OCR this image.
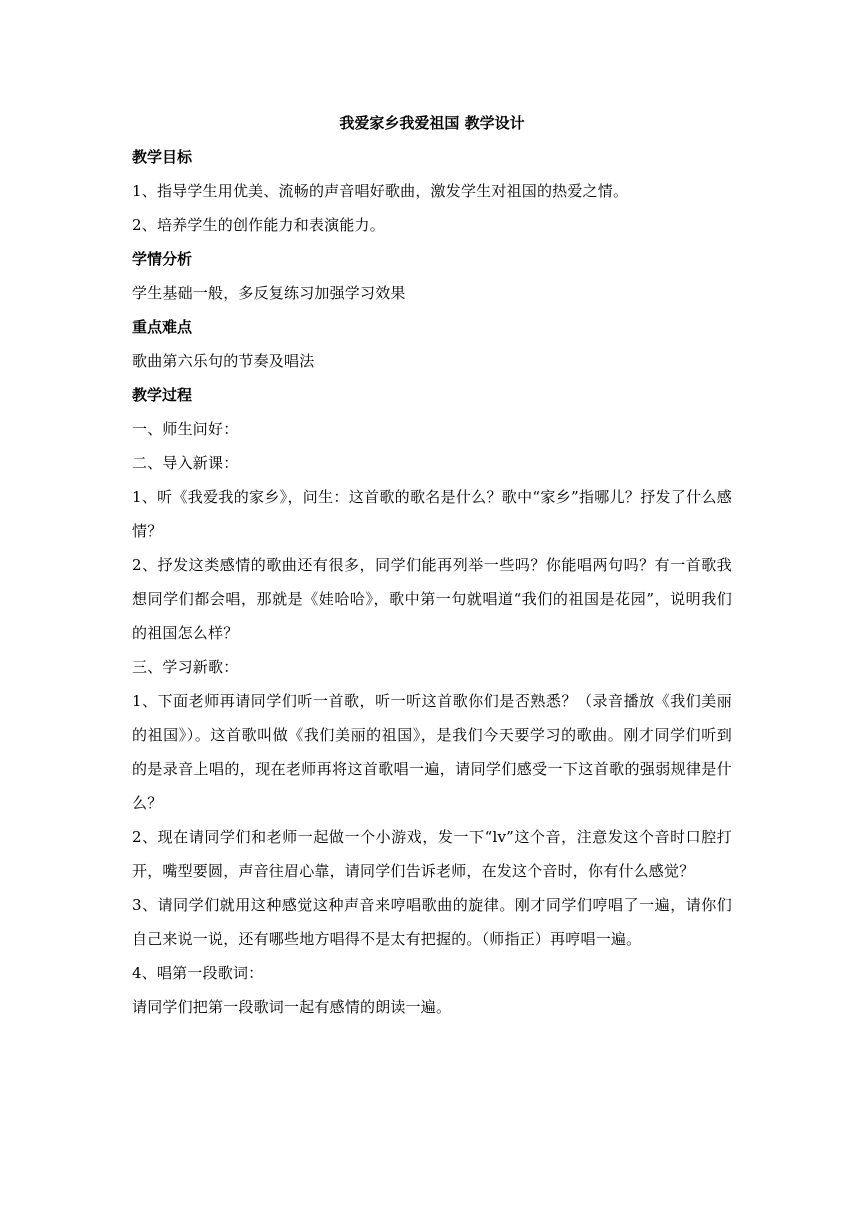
我爱家乡我爱祖国 教学设计

教学目标

1、指导学生用优美、流畅的声音唱好歌曲，激发学生对祖国的热爱之情。

2、培养学生的创作能力和表演能力。

学情分析

学生基础一般，多反复练习加强学习效果

重点难点

歌曲第六乐句的节奏及唱法

教学过程

一、师生问好：

二、导入新课：

1、听《我爱我的家乡》，问生：这首歌的歌名是什么？歌中“家乡”指哪儿？抒发了什么感情？

2、抒发这类感情的歌曲还有很多，同学们能再列举一些吗？你能唱两句吗？有一首歌我想同学们都会唱，那就是《娃哈哈》，歌中第一句就唱道“我们的祖国是花园”，说明我们的祖国怎么样？

三、学习新歌：

1、下面老师再请同学们听一首歌，听一听这首歌你们是否熟悉？（录音播放《我们美丽的祖国》）。这首歌叫做《我们美丽的祖国》，是我们今天要学习的歌曲。刚才同学们听到的是录音上唱的，现在老师再将这首歌唱一遍，请同学们感受一下这首歌的强弱规律是什么？

2、现在请同学们和老师一起做一个小游戏，发一下“lv”这个音，注意发这个音时口腔打开，嘴型要圆，声音往眉心靠，请同学们告诉老师，在发这个音时，你有什么感觉？

3、请同学们就用这种感觉这种声音来哼唱歌曲的旋律。刚才同学们哼唱了一遍，请你们自己来说一说，还有哪些地方唱得不是太有把握的。（师指正）再哼唱一遍。

4、唱第一段歌词：

请同学们把第一段歌词一起有感情的朗读一遍。
